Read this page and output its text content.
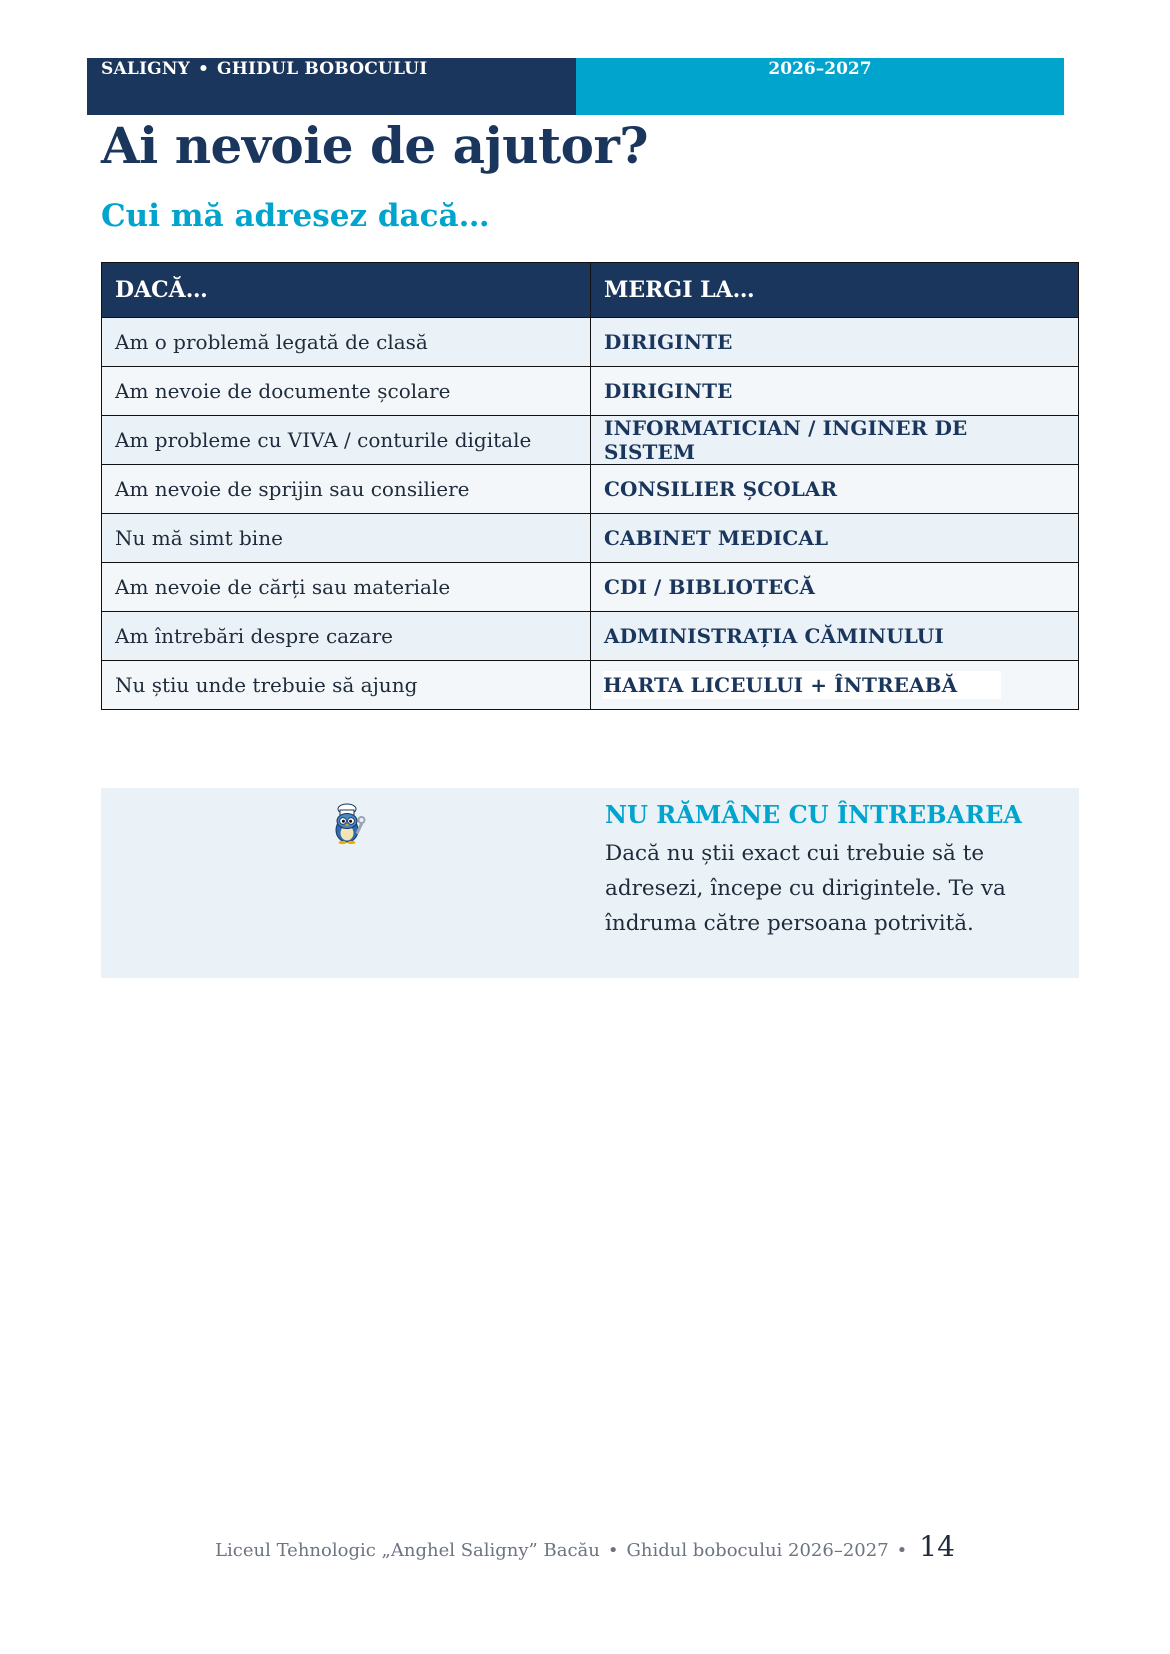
SALIGNY • GHIDUL BOBOCULUI	2026–2027
Ai nevoie de ajutor?
Cui mă adresez dacă…
DACĂ…	MERGI LA…
Am o problemă legată de clasă	DIRIGINTE
Am nevoie de documente școlare	DIRIGINTE
Am probleme cu VIVA / conturile digitale	INFORMATICIAN / INGINER DE SISTEM
Am nevoie de sprijin sau consiliere	CONSILIER ȘCOLAR
Nu mă simt bine	CABINET MEDICAL
Am nevoie de cărți sau materiale	CDI / BIBLIOTECĂ
Am întrebări despre cazare	ADMINISTRAȚIA CĂMINULUI
Nu știu unde trebuie să ajung	HARTA LICEULUI + ÎNTREABĂ
NU RĂMÂNE CU ÎNTREBAREA

Dacă nu știi exact cui trebuie să te adresezi, începe cu dirigintele. Te va îndruma către persoana potrivită.

Liceul Tehnologic „Anghel Saligny” Bacău • Ghidul bobocului 2026–2027 • 14
